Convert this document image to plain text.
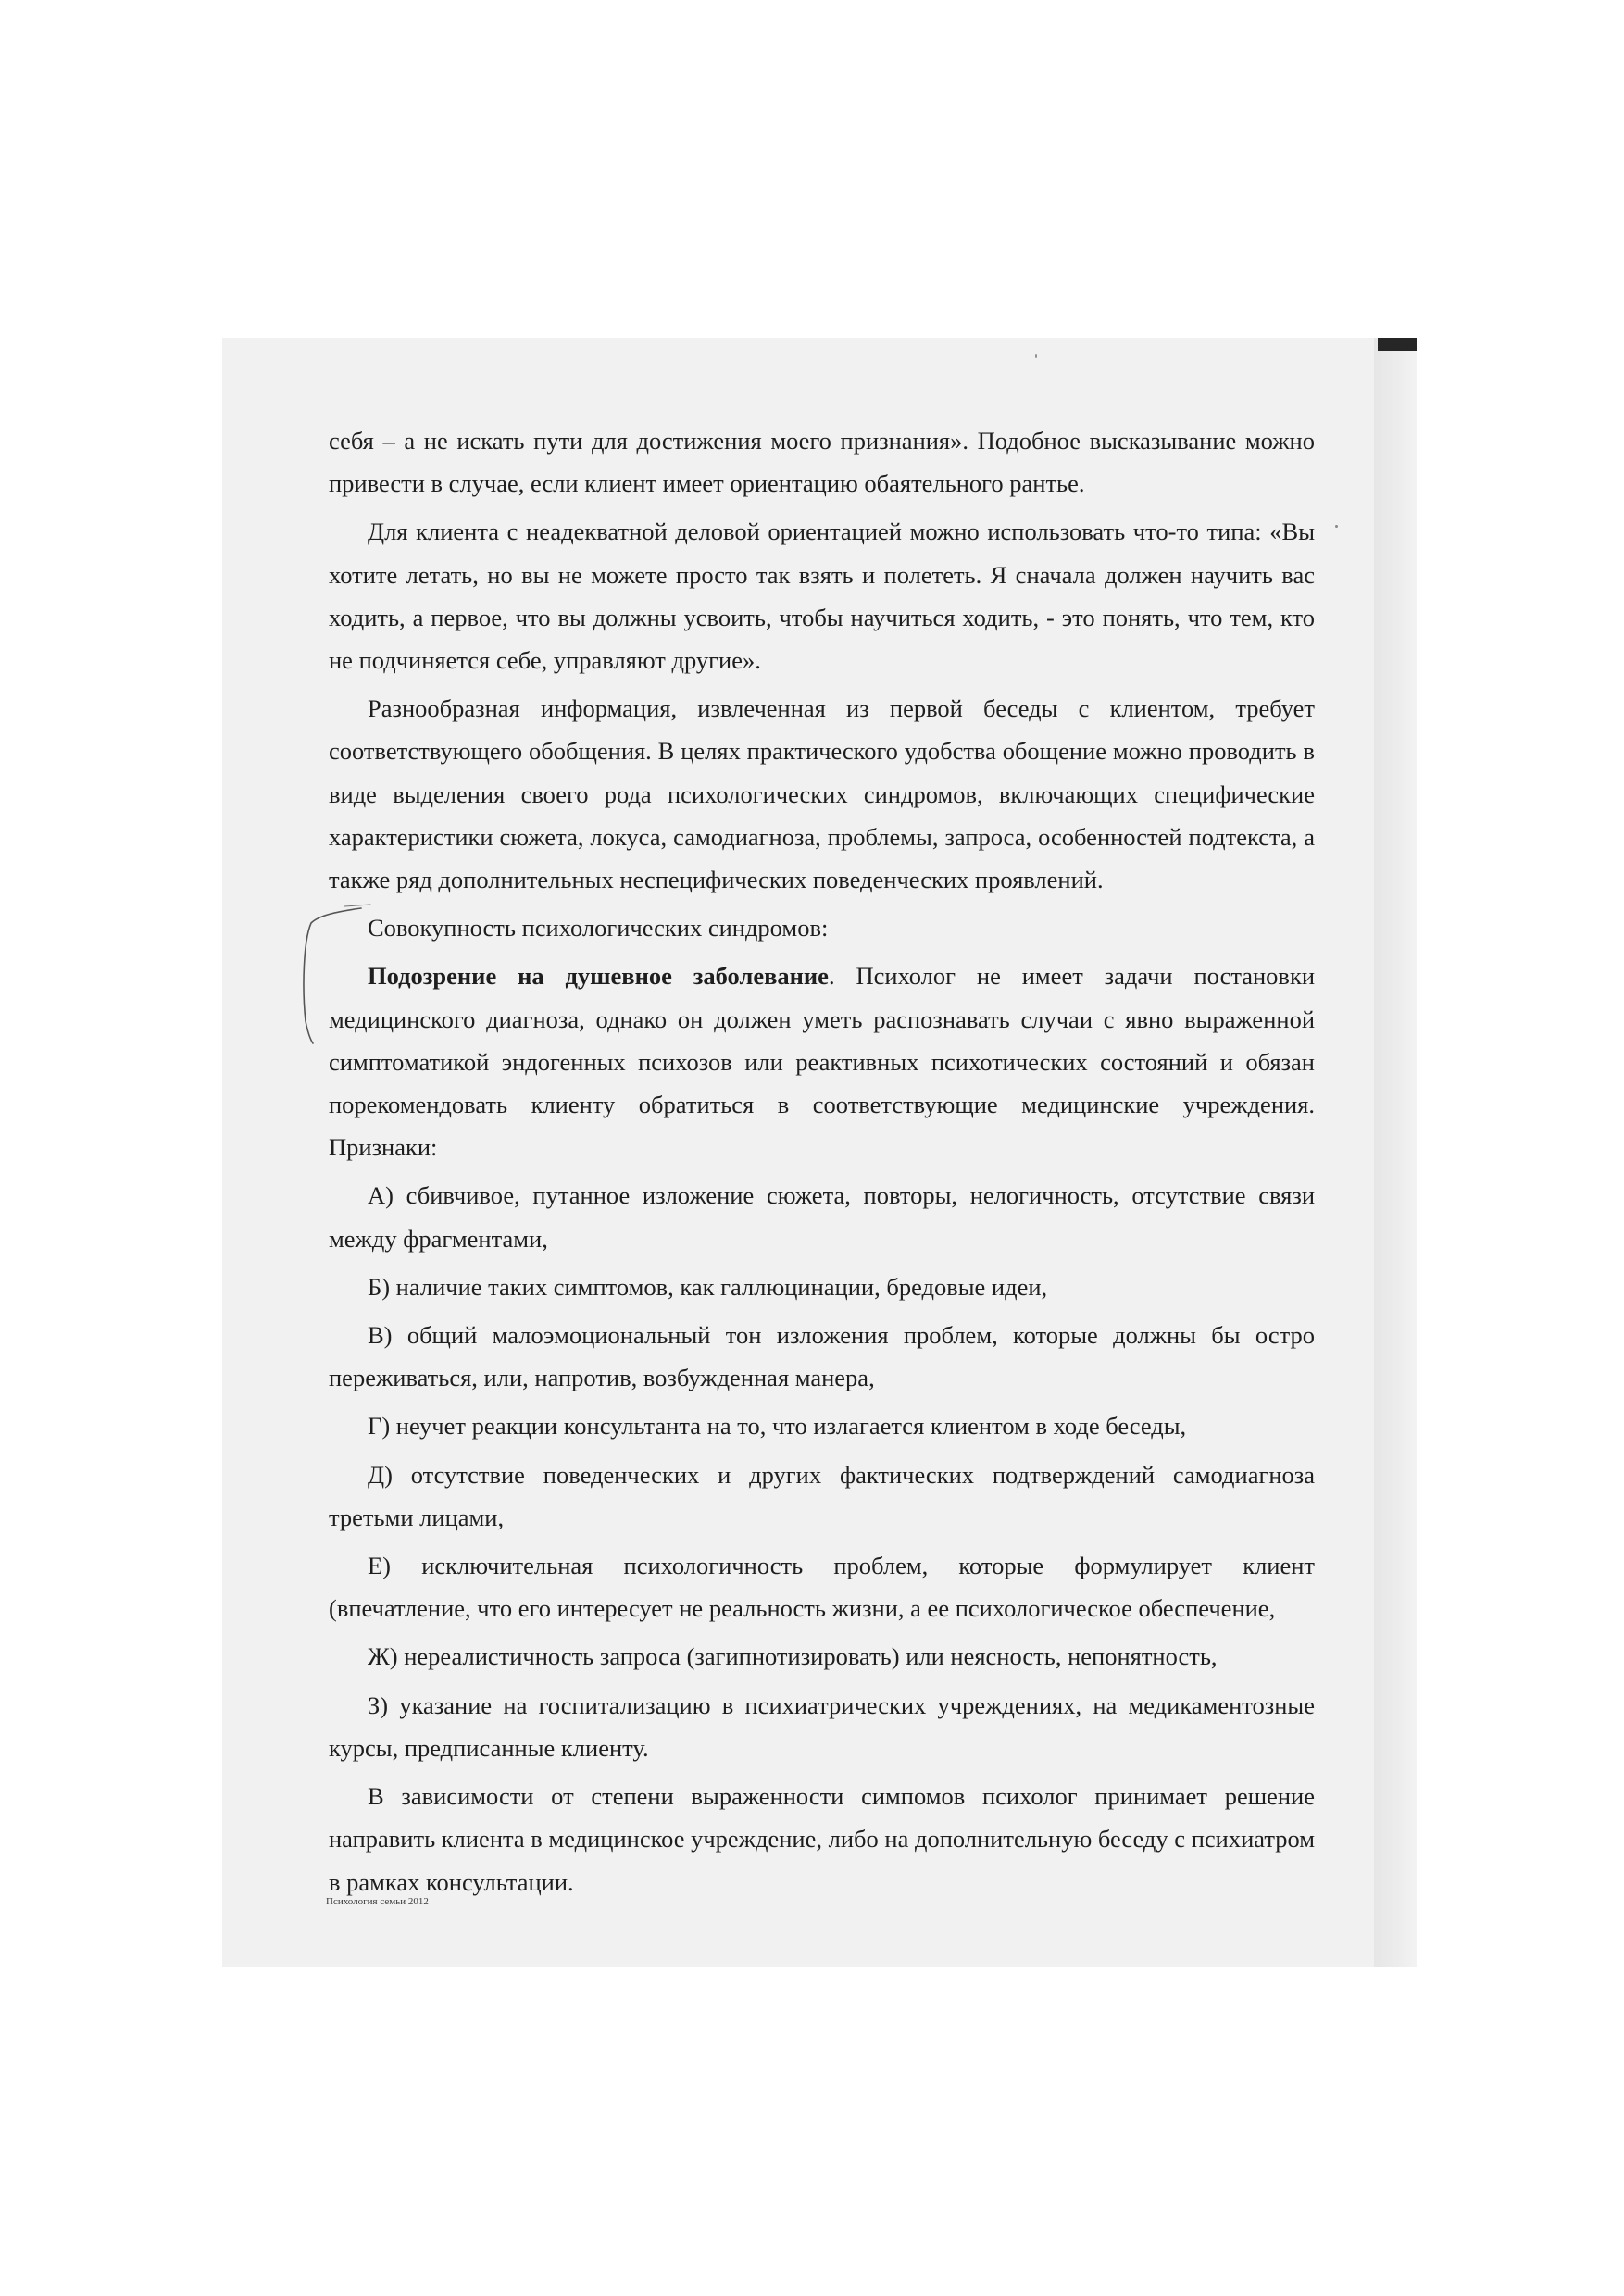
себя – а не искать пути для достижения моего признания». Подобное высказывание можно привести в случае, если клиент имеет ориентацию обаятельного рантье.

Для клиента с неадекватной деловой ориентацией можно использовать что-то типа: «Вы хотите летать, но вы не можете просто так взять и полететь. Я сначала должен научить вас ходить, а первое, что вы должны усвоить, чтобы научиться ходить, - это понять, что тем, кто не подчиняется себе, управляют другие».

Разнообразная информация, извлеченная из первой беседы с клиентом, требует соответствующего обобщения. В целях практического удобства обощение можно проводить в виде выделения своего рода психологических синдромов, включающих специфические характеристики сюжета, локуса, самодиагноза, проблемы, запроса, особенностей подтекста, а также ряд дополнительных неспецифических поведенческих проявлений.

Совокупность психологических синдромов:

Подозрение на душевное заболевание. Психолог не имеет задачи постановки медицинского диагноза, однако он должен уметь распознавать случаи с явно выраженной симптоматикой эндогенных психозов или реактивных психотических состояний и обязан порекомендовать клиенту обратиться в соответствующие медицинские учреждения. Признаки:

А) сбивчивое, путанное изложение сюжета, повторы, нелогичность, отсутствие связи между фрагментами,

Б) наличие таких симптомов, как галлюцинации, бредовые идеи,

В) общий малоэмоциональный тон изложения проблем, которые должны бы остро переживаться, или, напротив, возбужденная манера,

Г) неучет реакции консультанта на то, что излагается клиентом в ходе беседы,

Д) отсутствие поведенческих и других фактических подтверждений самодиагноза третьми лицами,

Е) исключительная психологичность проблем, которые формулирует клиент (впечатление, что его интересует не реальность жизни, а ее психологическое обеспечение,

Ж) нереалистичность запроса (загипнотизировать) или неясность, непонятность,

З) указание на госпитализацию в психиатрических учреждениях, на медикаментозные курсы, предписанные клиенту.

В зависимости от степени выраженности симпомов психолог принимает решение направить клиента в медицинское учреждение, либо на дополнительную беседу с психиатром в рамках консультации.

Психология семьи 2012
